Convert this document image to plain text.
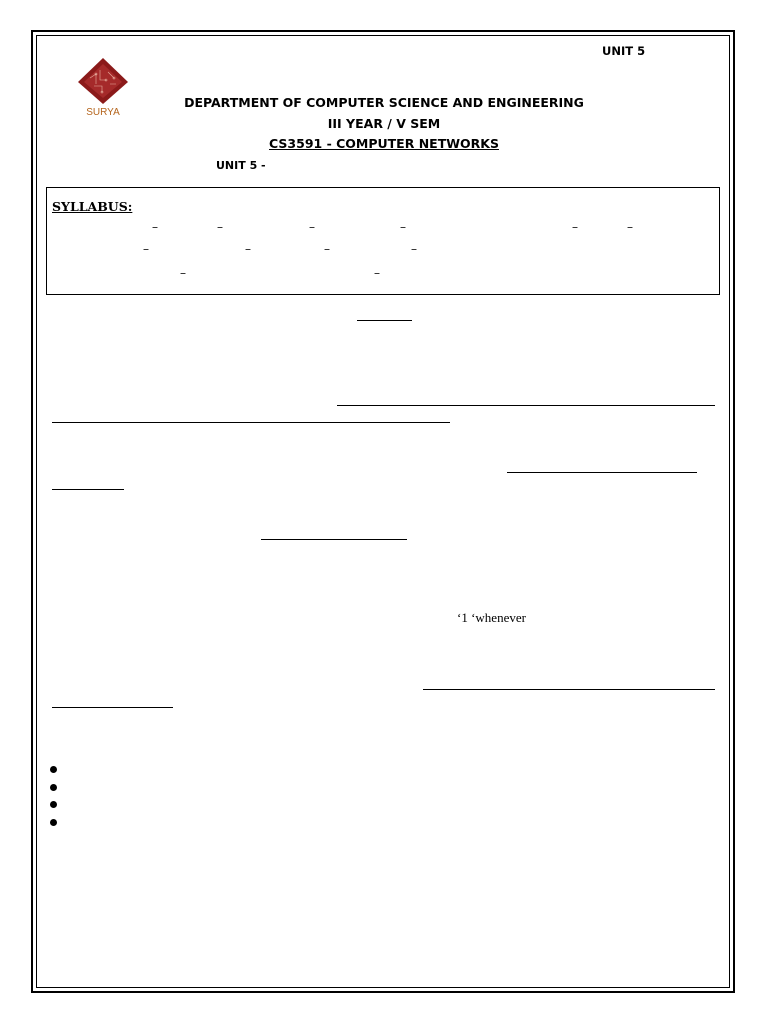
UNIT 5
SURYA
DEPARTMENT OF COMPUTER SCIENCE AND ENGINEERING
III YEAR / V SEM
CS3591 - COMPUTER NETWORKS
UNIT 5 -
SYLLABUS:
–	–	–	–	–	–
–	–	–	–
–	–
‘1 ‘whenever
